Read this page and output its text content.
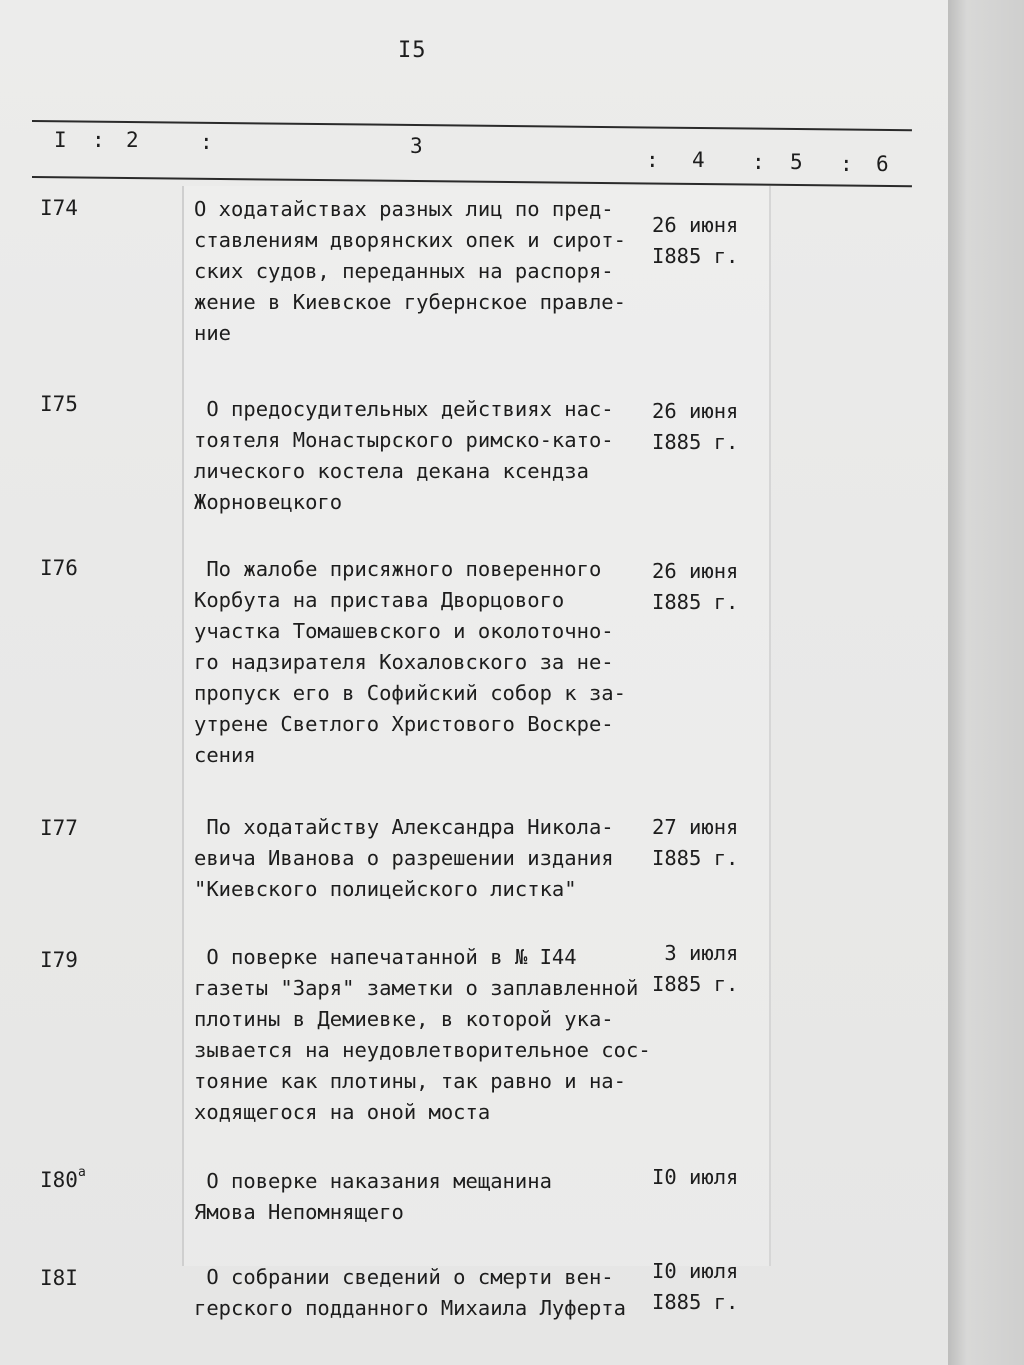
I5
I : 2	:	3
: 4 : 5 : 6
I74	О ходатайствах разных лиц по пред-
ставлениям дворянских опек и сирот-
ских судов, переданных на распоря-
жение в Киевское губернское правле-
ние
26 июня
I885 г.
I75	О предосудительных действиях нас-
тоятеля Монастырского римско-като-
лического костела декана ксендза
Жорновецкого
26 июня
I885 г.
I76	По жалобе присяжного поверенного
Корбута на пристава Дворцового
участка Томашевского и околоточно-
го надзирателя Кохаловского за не-
пропуск его в Софийский собор к за-
утрене Светлого Христового Воскре-
сения
26 июня
I885 г.
I77	По ходатайству Александра Никола-
евича Иванова о разрешении издания
"Киевского полицейского листка"
27 июня
I885 г.
I79	О поверке напечатанной в № I44
газеты "Заря" заметки о заплавленной
плотины в Демиевке, в которой ука-
зывается на неудовлетворительное сос-
тояние как плотины, так равно и на-
ходящегося на оной моста
3 июля
I885 г.
$I80^а$	О поверке наказания мещанина
Ямова Непомнящего
I0 июля
I8I	О собрании сведений о смерти вен-
герского подданного Михаила Луферта
I0 июля
I885 г.
